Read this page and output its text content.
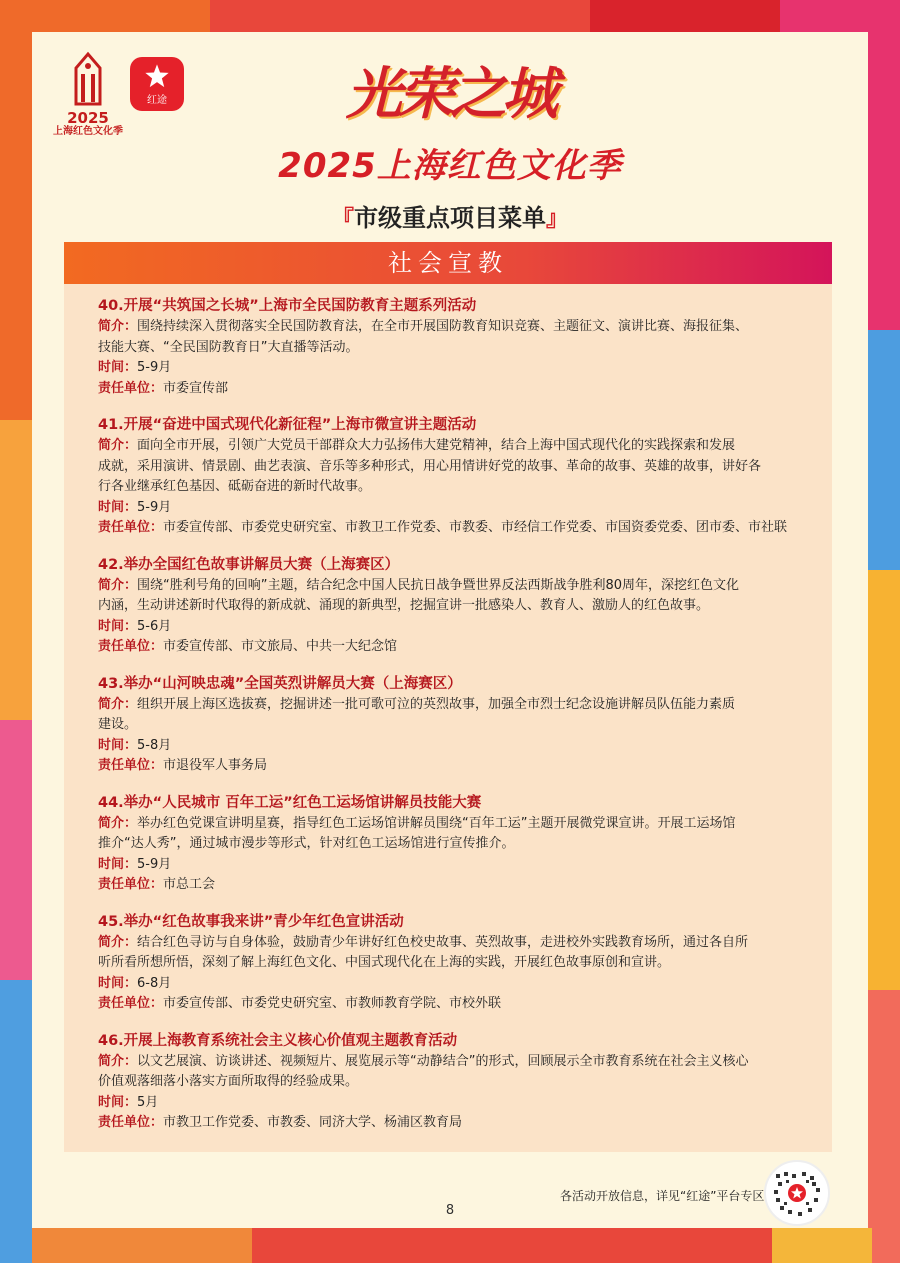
2025
上海红色文化季
红途	光荣之城
2025上海红色文化季
『市级重点项目菜单』
社会宣教
40.开展“共筑国之长城”上海市全民国防教育主题系列活动
简介：围绕持续深入贯彻落实全民国防教育法，在全市开展国防教育知识竞赛、主题征文、演讲比赛、海报征集、
技能大赛、“全民国防教育日”大直播等活动。
时间：5-9月
责任单位：市委宣传部
41.开展“奋进中国式现代化新征程”上海市微宣讲主题活动
简介：面向全市开展，引领广大党员干部群众大力弘扬伟大建党精神，结合上海中国式现代化的实践探索和发展
成就，采用演讲、情景剧、曲艺表演、音乐等多种形式，用心用情讲好党的故事、革命的故事、英雄的故事，讲好各
行各业继承红色基因、砥砺奋进的新时代故事。
时间：5-9月
责任单位：市委宣传部、市委党史研究室、市教卫工作党委、市教委、市经信工作党委、市国资委党委、团市委、市社联
42.举办全国红色故事讲解员大赛（上海赛区）
简介：围绕“胜利号角的回响”主题，结合纪念中国人民抗日战争暨世界反法西斯战争胜利80周年，深挖红色文化
内涵，生动讲述新时代取得的新成就、涌现的新典型，挖掘宣讲一批感染人、教育人、激励人的红色故事。
时间：5-6月
责任单位：市委宣传部、市文旅局、中共一大纪念馆
43.举办“山河映忠魂”全国英烈讲解员大赛（上海赛区）
简介：组织开展上海区选拔赛，挖掘讲述一批可歌可泣的英烈故事，加强全市烈士纪念设施讲解员队伍能力素质
建设。
时间：5-8月
责任单位：市退役军人事务局
44.举办“人民城市 百年工运”红色工运场馆讲解员技能大赛
简介：举办红色党课宣讲明星赛，指导红色工运场馆讲解员围绕“百年工运”主题开展微党课宣讲。开展工运场馆
推介“达人秀”，通过城市漫步等形式，针对红色工运场馆进行宣传推介。
时间：5-9月
责任单位：市总工会
45.举办“红色故事我来讲”青少年红色宣讲活动
简介：结合红色寻访与自身体验，鼓励青少年讲好红色校史故事、英烈故事，走进校外实践教育场所，通过各自所
听所看所想所悟，深刻了解上海红色文化、中国式现代化在上海的实践，开展红色故事原创和宣讲。
时间：6-8月
责任单位：市委宣传部、市委党史研究室、市教师教育学院、市校外联
46.开展上海教育系统社会主义核心价值观主题教育活动
简介：以文艺展演、访谈讲述、视频短片、展览展示等“动静结合”的形式，回顾展示全市教育系统在社会主义核心
价值观落细落小落实方面所取得的经验成果。
时间：5月
责任单位：市教卫工作党委、市教委、同济大学、杨浦区教育局
各活动开放信息，详见“红途”平台专区
8
